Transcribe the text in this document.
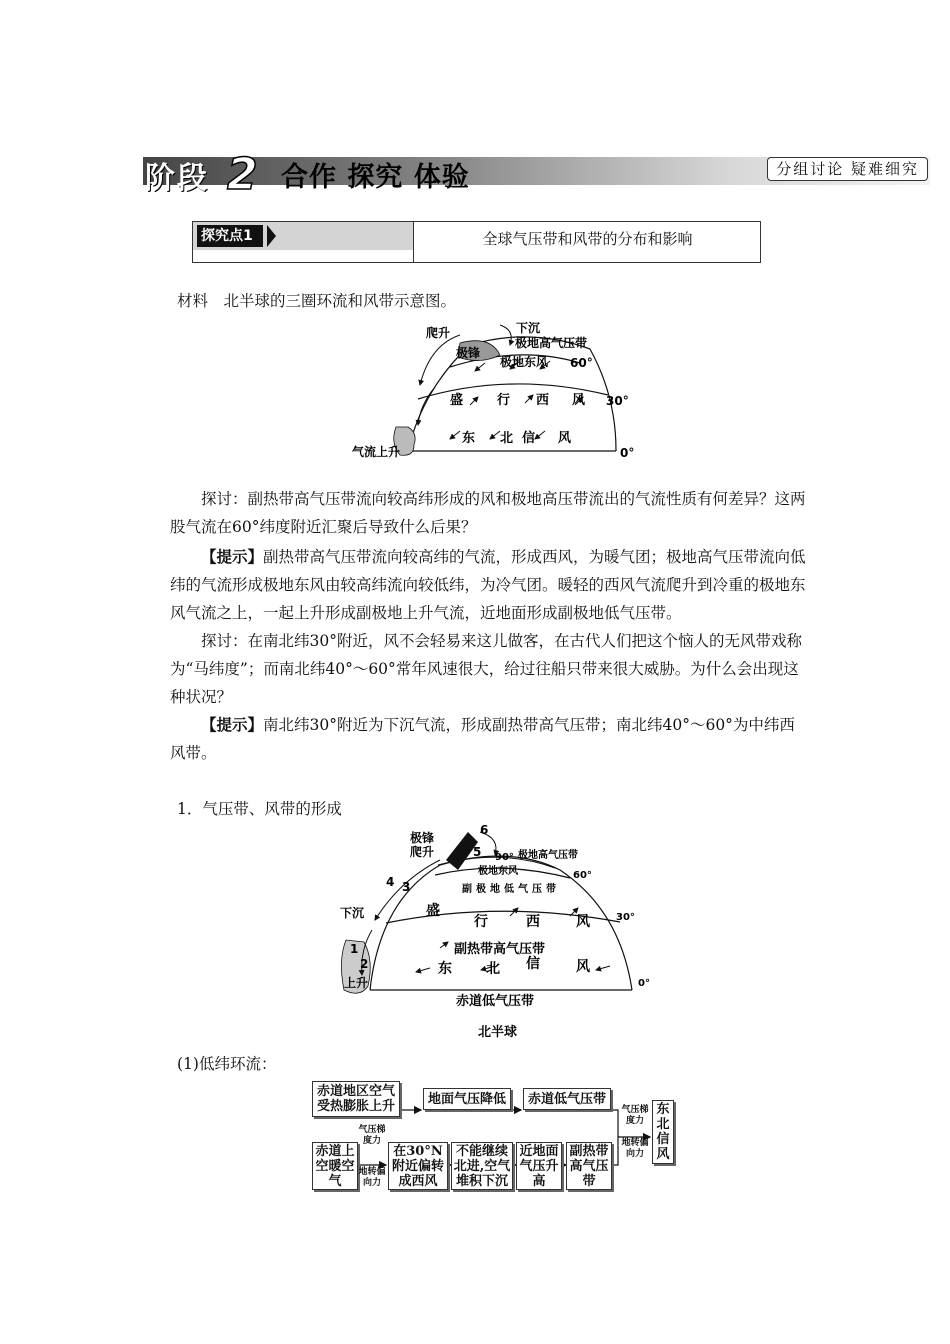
阶段 2 合作 探究 体验	分组讨论 疑难细究
探究点1	全球气压带和风带的分布和影响
材料　北半球的三圈环流和风带示意图。
爬升	下沉
极锋
极地高气压带
极地东风 60°
30°
0°
盛	行 西 风
东 北 信 风
气流上升
探讨：副热带高气压带流向较高纬形成的风和极地高压带流出的气流性质有何差异？这两股气流在60°纬度附近汇聚后导致什么后果？
【提示】副热带高气压带流向较高纬的气流，形成西风，为暖气团；极地高气压带流向低纬的气流形成极地东风由较高纬流向较低纬，为冷气团。暖轻的西风气流爬升到冷重的极地东风气流之上，一起上升形成副极地上升气流，近地面形成副极地低气压带。
探讨：在南北纬30°附近，风不会轻易来这儿做客，在古代人们把这个恼人的无风带戏称为“马纬度”；而南北纬40°～60°常年风速很大，给过往船只带来很大威胁。为什么会出现这种状况？
【提示】南北纬30°附近为下沉气流，形成副热带高气压带；南北纬40°～60°为中纬西风带。
1．气压带、风带的形成
极锋
爬升
下沉
上升
1
2
3
4
5
6
90° 极地高气压带
极地东风
副 极 地 低 气 压 带
60°
30°
0°
盛
行	西	风
副热带高气压带
东 北 信	风
赤道低气压带
北半球
(1)低纬环流：
赤道地区空气受热膨胀上升	地面气压降低	赤道低气压带
赤道上空暖空气
在30°N附近偏转成西风
不能继续北进,空气堆积下沉
近地面气压升高
副热带高气压带
东北信风
气压梯度力
地转偏向力
气压梯度力
地转偏向力
